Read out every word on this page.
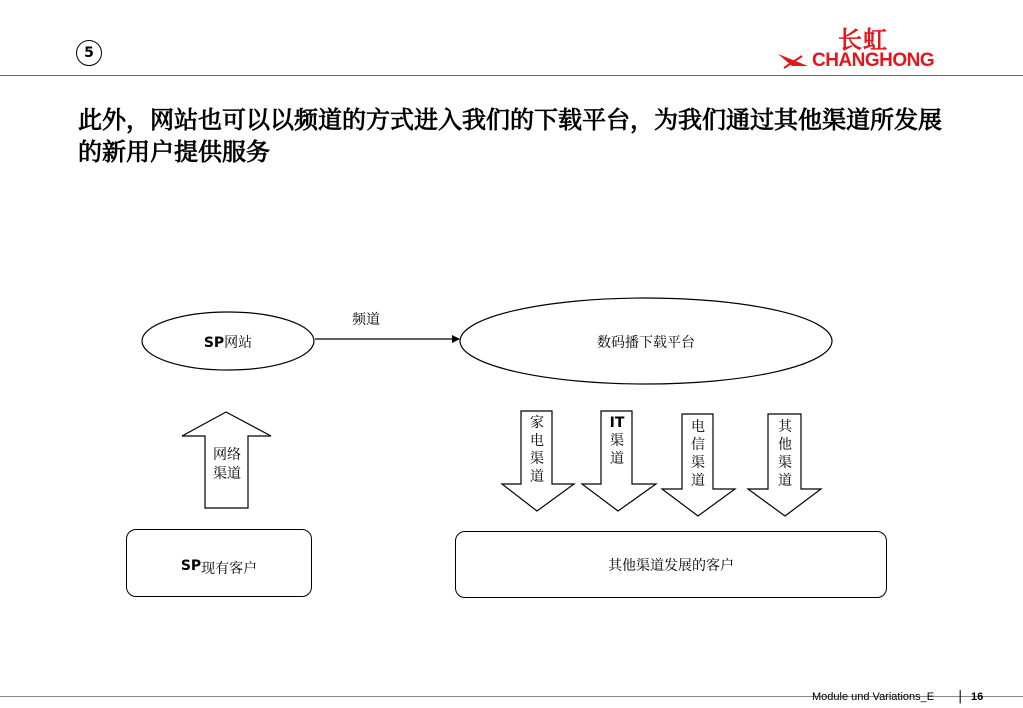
5	长虹
CHANGHONG
此外，网站也可以以频道的方式进入我们的下载平台，为我们通过其他渠道所发展的新用户提供服务
SP网站
频道
数码播下载平台
网络渠道
家电渠道
IT
渠道
电信渠道
其他渠道
SP 现有客户	其他渠道发展的客户
Module und Variations_E | 16
